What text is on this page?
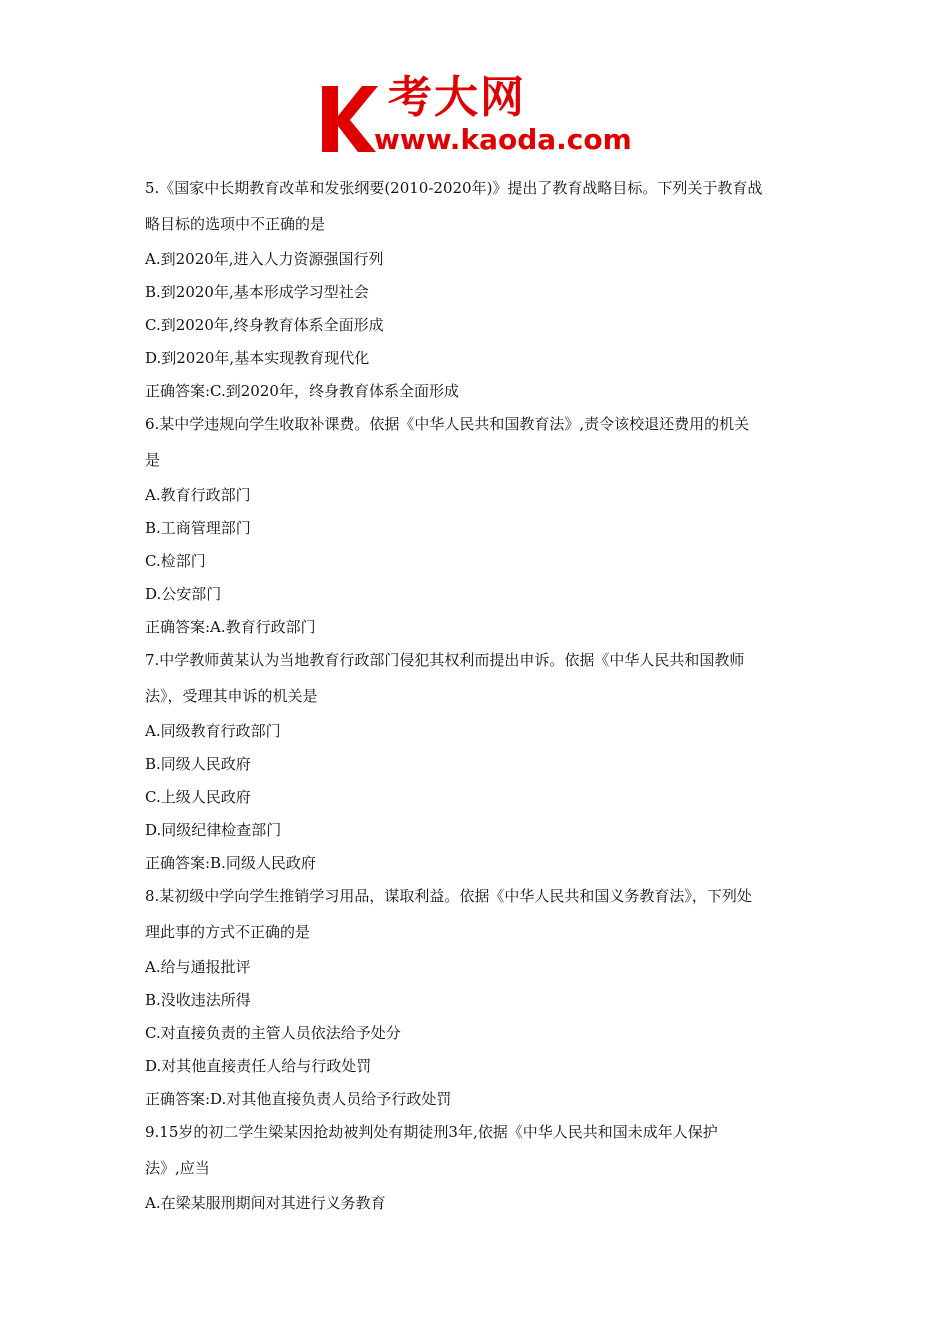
考大网
www.kaoda.com
5.《国家中长期教育改革和发张纲要(2010-2020年)》提出了教育战略目标。下列关于教育战
略目标的选项中不正确的是
A.到2020年,进入人力资源强国行列
B.到2020年,基本形成学习型社会
C.到2020年,终身教育体系全面形成
D.到2020年,基本实现教育现代化
正确答案:C.到2020年，终身教育体系全面形成
6.某中学违规向学生收取补课费。依据《中华人民共和国教育法》,责令该校退还费用的机关
是
A.教育行政部门
B.工商管理部门
C.检部门
D.公安部门
正确答案:A.教育行政部门
7.中学教师黄某认为当地教育行政部门侵犯其权利而提出申诉。依据《中华人民共和国教师
法》，受理其申诉的机关是
A.同级教育行政部门
B.同级人民政府
C.上级人民政府
D.同级纪律检查部门
正确答案:B.同级人民政府
8.某初级中学向学生推销学习用品，谋取利益。依据《中华人民共和国义务教育法》，下列处
理此事的方式不正确的是
A.给与通报批评
B.没收违法所得
C.对直接负责的主管人员依法给予处分
D.对其他直接责任人给与行政处罚
正确答案:D.对其他直接负责人员给予行政处罚
9.15岁的初二学生梁某因抢劫被判处有期徒刑3年,依据《中华人民共和国未成年人保护
法》,应当
A.在梁某服刑期间对其进行义务教育
